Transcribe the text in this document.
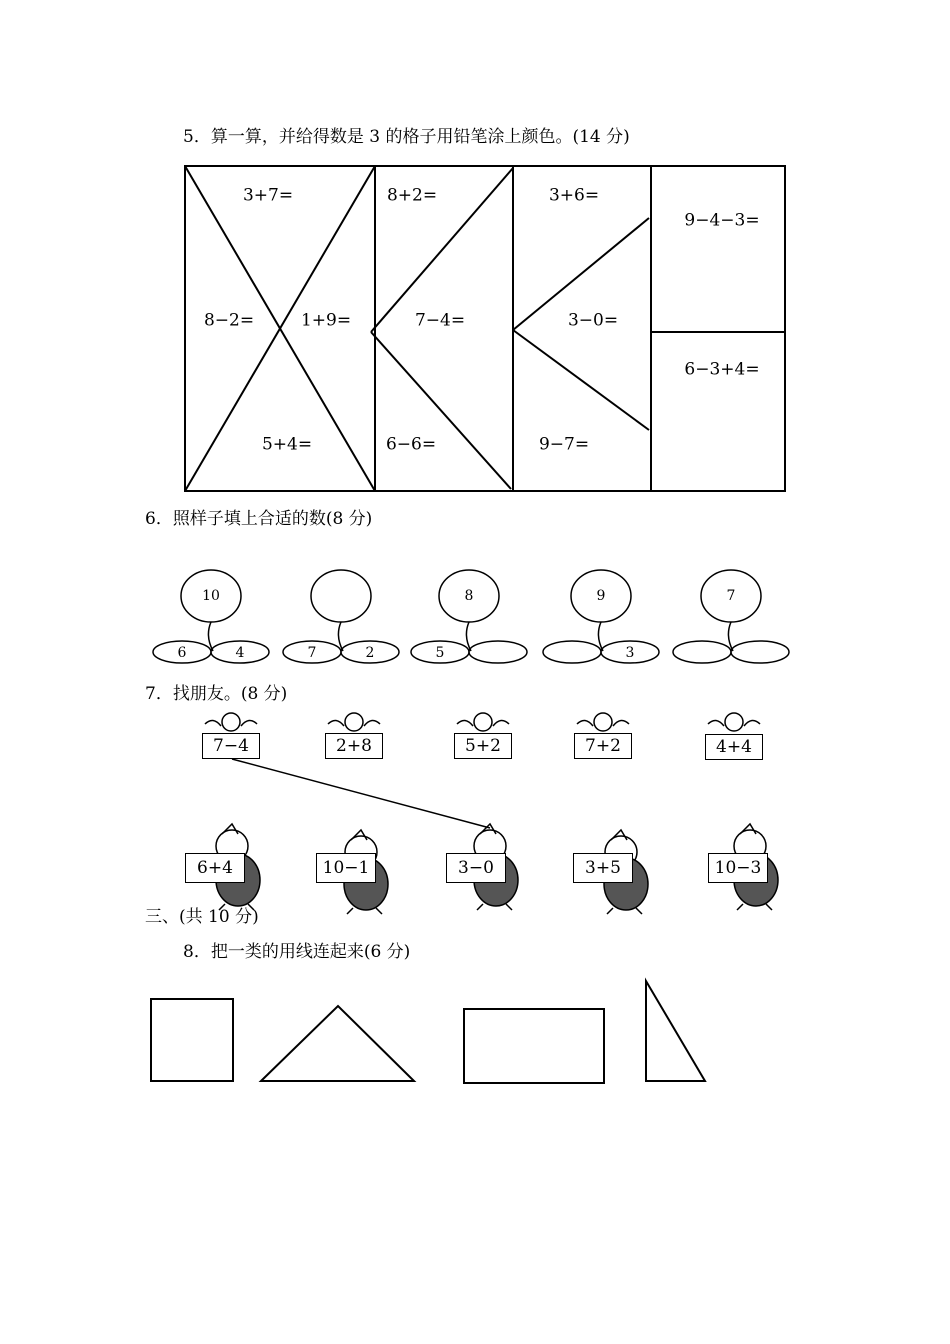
5．算一算，并给得数是 3 的格子用铅笔涂上颜色。(14 分)
3+7=
8−2=	1+9=
5+4=
8+2=
7−4=
6−6=
3+6=
3−0=
9−7=
9−4−3=
6−3+4=
6．照样子填上合适的数(8 分)
10
6	4	7	2
8
5
9
3
7
7．找朋友。(8 分)
7−4	2+8	5+2	7+2	4+4
6+4	10−1	3−0	3+5	10−3
三、(共 10 分)
8．把一类的用线连起来(6 分)
